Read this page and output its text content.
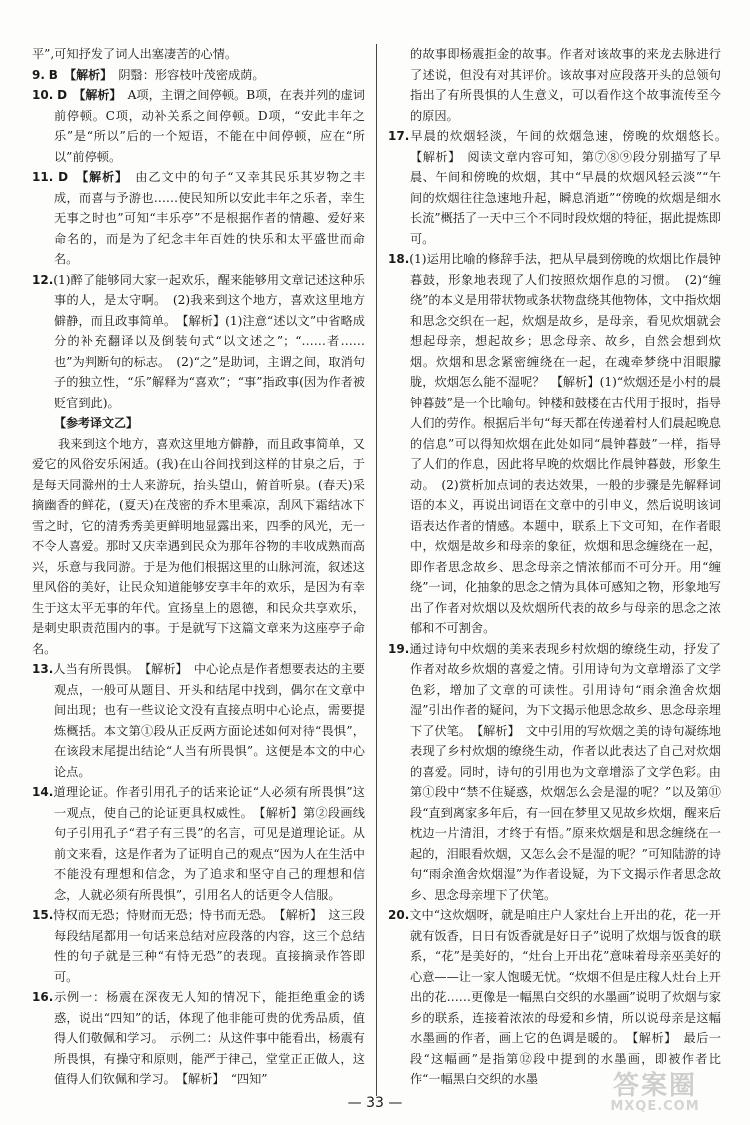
平”,可知抒发了词人出塞凄苦的心情。
9. B　 【解析】　 阴翳：形容枝叶茂密成荫。
10. D　 【解析】　 A项，主谓之间停顿。B项，在表并列的虚词前停顿。C项，动补关系之间停顿。D项，“安此丰年之乐”是“所以”后的一个短语，不能在中间停顿，应在“所以”前停顿。
11. D　 【解析】　 由乙文中的句子“又幸其民乐其岁物之丰成，而喜与予游也……使民知所以安此丰年之乐者，幸生无事之时也”可知“丰乐亭”不是根据作者的情趣、爱好来命名的，而是为了纪念丰年百姓的快乐和太平盛世而命名。
12.(1)醉了能够同大家一起欢乐，醒来能够用文章记述这种乐事的人，是太守啊。　(2)我来到这个地方，喜欢这里地方僻静，而且政事简单。　【解析】(1)注意“述以文”中省略成分的补充翻译以及倒装句式“以文述之”；“……者……也”为判断句的标志。　(2)“之”是助词，主谓之间，取消句子的独立性，“乐”解释为“喜欢”；“事”指政事(因为作者被贬官到此)。
【参考译文乙】
我来到这个地方，喜欢这里地方僻静，而且政事简单，又爱它的风俗安乐闲适。(我)在山谷间找到这样的甘泉之后，于是每天同滁州的士人来游玩，抬头望山，俯首听泉。(春天)采摘幽香的鲜花，(夏天)在茂密的乔木里乘凉，刮风下霜结冰下雪之时，它的清秀秀美更鲜明地显露出来，四季的风光，无一不令人喜爱。那时又庆幸遇到民众为那年谷物的丰收成熟而高兴，乐意与我同游。于是为他们根据这里的山脉河流，叙述这里风俗的美好，让民众知道能够安享丰年的欢乐，是因为有幸生于这太平无事的年代。宣扬皇上的恩德，和民众共享欢乐，是刺史职责范围内的事。于是就写下这篇文章来为这座亭子命名。
13.人当有所畏惧。　【解析】　中心论点是作者想要表达的主要观点，一般可从题目、开头和结尾中找到，偶尔在文章中间出现；也有一些议论文没有直接点明中心论点，需要提炼概括。本文第①段从正反两方面论述如何对待“畏惧”，在该段末尾提出结论“人当有所畏惧”。这便是本文的中心论点。
14.道理论证。作者引用孔子的话来论证“人必须有所畏惧”这一观点，使自己的论证更具权威性。　【解析】第②段画线句子引用孔子“君子有三畏”的名言，可见是道理论证。从前文来看，这是作者为了证明自己的观点“因为人在生活中不能没有理想和信念，为了追求和坚守自己的理想和信念，人就必须有所畏惧”，引用名人的话更令人信服。
15.恃权而无恐；恃财而无恐；恃书而无恐。　【解析】　这三段每段结尾都用一句话来总结对应段落的内容，这三个总结性的句子就是三种“有恃无恐”的表现。直接摘录作答即可。
16.示例一：杨震在深夜无人知的情况下，能拒绝重金的诱惑，说出“四知”的话，体现了他非能可贵的优秀品质，值得人们敬佩和学习。　示例二：从这件事中能看出，杨震有所畏惧，有操守和原则，能严于律己，堂堂正正做人，这值得人们钦佩和学习。　【解析】　“四知”
的故事即杨震拒金的故事。作者对该故事的来龙去脉进行了述说，但没有对其评价。该故事对应段落开头的总领句指出了有所畏惧的人生意义，可以看作这个故事流传至今的原因。
17.早晨的炊烟轻淡，午间的炊烟急速，傍晚的炊烟悠长。　【解析】　阅读文章内容可知，第⑦⑧⑨段分别描写了早晨、午间和傍晚的炊烟，其中“早晨的炊烟风轻云淡”“午间的炊烟往往急速地升起，瞬息消逝”“傍晚的炊烟是细水长流”概括了一天中三个不同时段炊烟的特征，据此提炼即可。
18.(1)运用比喻的修辞手法，把从早晨到傍晚的炊烟比作晨钟暮鼓，形象地表现了人们按照炊烟作息的习惯。　(2)“缠绕”的本义是用带状物或条状物盘绕其他物体，文中指炊烟和思念交织在一起，炊烟是故乡，是母亲，看见炊烟就会想起母亲，想起故乡；思念母亲、故乡，自然会想到炊烟。炊烟和思念紧密缠绕在一起，在魂牵梦绕中泪眼朦胧，炊烟怎么能不湿呢？　【解析】(1)“炊烟还是小村的晨钟暮鼓”是一个比喻句。钟楼和鼓楼在古代用于报时，指导人们的劳作。根据后半句“每天都在传递着村人们晨起晚息的信息”可以得知炊烟在此处如同“晨钟暮鼓”一样，指导了人们的作息，因此将早晚的炊烟比作晨钟暮鼓，形象生动。　(2)赏析加点词的表达效果，一般的步骤是先解释词语的本义，再说出词语在文章中的引申义，然后说明该词语表达作者的情感。本题中，联系上下文可知，在作者眼中，炊烟是故乡和母亲的象征，炊烟和思念缠绕在一起，即作者思念故乡、思念母亲之情浓郁而不可分开。用“缠绕”一词，化抽象的思念之情为具体可感知之物，形象地写出了作者对炊烟以及炊烟所代表的故乡与母亲的思念之浓郁和不可割舍。
19.通过诗句中炊烟的美来表现乡村炊烟的缭绕生动，抒发了作者对故乡炊烟的喜爱之情。引用诗句为文章增添了文学色彩，增加了文章的可读性。引用诗句“雨余渔舍炊烟湿”引出作者的疑问，为下文揭示他思念故乡、思念母亲埋下了伏笔。　【解析】　文中引用的写炊烟之美的诗句凝练地表现了乡村炊烟的缭绕生动，作者以此表达了自己对炊烟的喜爱。同时，诗句的引用也为文章增添了文学色彩。由第①段中“禁不住疑惑，炊烟怎么会是湿的呢？”以及第⑪段“直到离家多年后，有一回在梦里又见故乡炊烟，醒来后枕边一片清泪，才终于有悟。”原来炊烟是和思念缠绕在一起的，泪眼看炊烟，又怎么会不是湿的呢？”可知陆游的诗句“雨余渔舍炊烟湿”为作者设疑，为下文揭示作者思念故乡、思念母亲埋下了伏笔。
20.文中“这炊烟呀，就是咱庄户人家灶台上开出的花，花一开就有饭香，日日有饭香就是好日子”说明了炊烟与饭食的联系，“花”是美好的，“灶台上开出花”意味着母亲巫美好的心意——让一家人饱暖无忧。“炊烟不但是庄稼人灶台上开出的花……更像是一幅黑白交织的水墨画”说明了炊烟与家乡的联系，连接着浓浓的母爱和乡情，所以说母亲是这幅水墨画的作者，画上它的色调是暖的。　【解析】　最后一段“这幅画”是指第⑫段中提到的水墨画，即被作者比作“一幅黑白交织的水墨
— 33 —
答案圈
MXQE.COM
